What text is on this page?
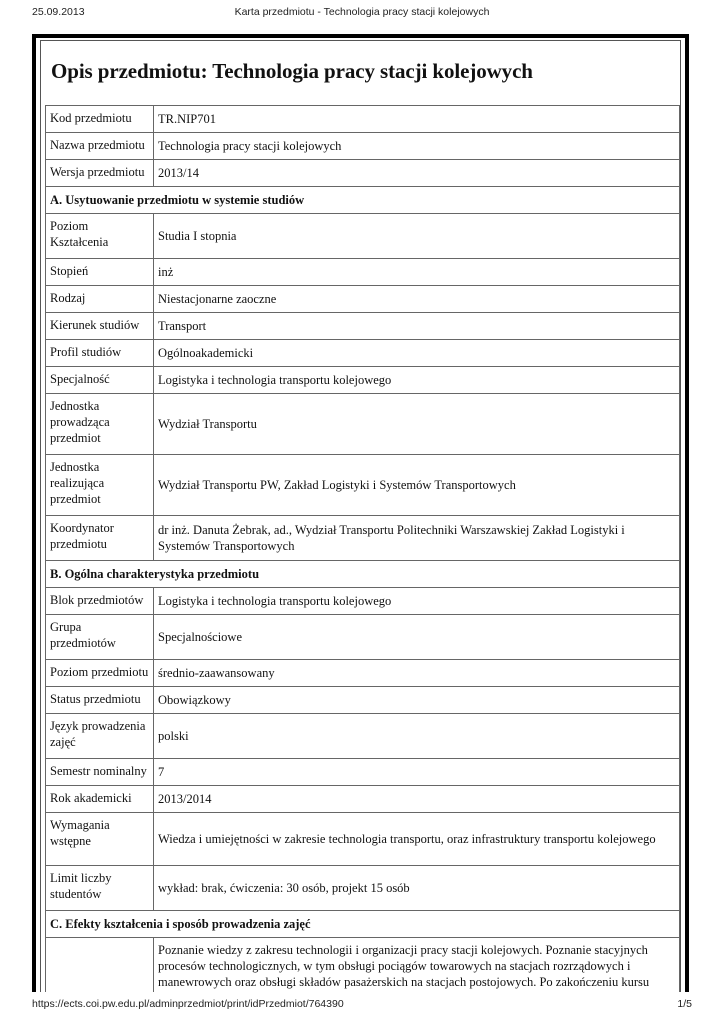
25.09.2013	Karta przedmiotu - Technologia pracy stacji kolejowych
Opis przedmiotu: Technologia pracy stacji kolejowych
Kod przedmiotu	TR.NIP701
Nazwa przedmiotu	Technologia pracy stacji kolejowych
Wersja przedmiotu	2013/14
A. Usytuowanie przedmiotu w systemie studiów	
Poziom Kształcenia	Studia I stopnia
Stopień	inż
Rodzaj	Niestacjonarne zaoczne
Kierunek studiów	Transport
Profil studiów	Ogólnoakademicki
Specjalność	Logistyka i technologia transportu kolejowego
Jednostka prowadząca przedmiot	Wydział Transportu
Jednostka realizująca przedmiot	Wydział Transportu PW, Zakład Logistyki i Systemów Transportowych
Koordynator przedmiotu	dr inż. Danuta Żebrak, ad., Wydział Transportu Politechniki Warszawskiej Zakład Logistyki i Systemów Transportowych
B. Ogólna charakterystyka przedmiotu	
Blok przedmiotów	Logistyka i technologia transportu kolejowego
Grupa przedmiotów	Specjalnościowe
Poziom przedmiotu	średnio-zaawansowany
Status przedmiotu	Obowiązkowy
Język prowadzenia zajęć	polski
Semestr nominalny	7
Rok akademicki	2013/2014
Wymagania wstępne	Wiedza i umiejętności w zakresie technologia transportu, oraz infrastruktury transportu kolejowego
Limit liczby studentów	wykład: brak, ćwiczenia: 30 osób, projekt 15 osób
C. Efekty kształcenia i sposób prowadzenia zajęć	
	Poznanie wiedzy z zakresu technologii i organizacji pracy stacji kolejowych. Poznanie stacyjnych procesów technologicznych, w tym obsługi pociągów towarowych na stacjach rozrządowych i manewrowych oraz obsługi składów pasażerskich na stacjach postojowych. Po zakończeniu kursu
https://ects.coi.pw.edu.pl/adminprzedmiot/print/idPrzedmiot/764390	1/5
